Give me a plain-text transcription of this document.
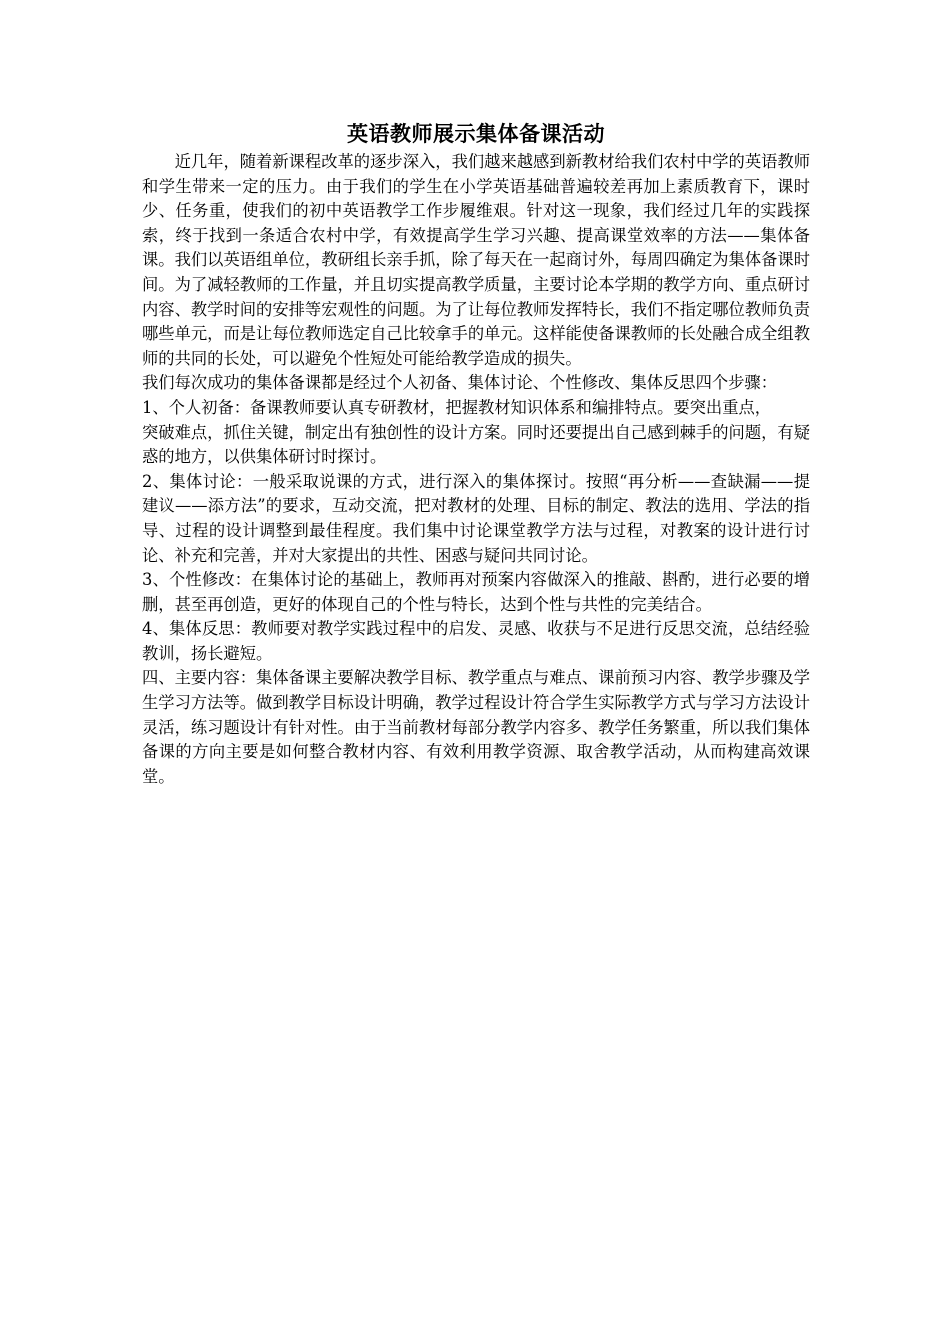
英语教师展示集体备课活动

近几年，随着新课程改革的逐步深入，我们越来越感到新教材给我们农村中学的英语教师和学生带来一定的压力。由于我们的学生在小学英语基础普遍较差再加上素质教育下，课时少、任务重，使我们的初中英语教学工作步履维艰。针对这一现象，我们经过几年的实践探索，终于找到一条适合农村中学，有效提高学生学习兴趣、提高课堂效率的方法——集体备课。我们以英语组单位，教研组长亲手抓，除了每天在一起商讨外，每周四确定为集体备课时间。为了减轻教师的工作量，并且切实提高教学质量，主要讨论本学期的教学方向、重点研讨内容、教学时间的安排等宏观性的问题。为了让每位教师发挥特长，我们不指定哪位教师负责哪些单元，而是让每位教师选定自己比较拿手的单元。这样能使备课教师的长处融合成全组教师的共同的长处，可以避免个性短处可能给教学造成的损失。

我们每次成功的集体备课都是经过个人初备、集体讨论、个性修改、集体反思四个步骤：

1、个人初备：备课教师要认真专研教材，把握教材知识体系和编排特点。要突出重点，

突破难点，抓住关键，制定出有独创性的设计方案。同时还要提出自己感到棘手的问题，有疑惑的地方，以供集体研讨时探讨。

2、集体讨论：一般采取说课的方式，进行深入的集体探讨。按照“再分析——查缺漏——提建议——添方法”的要求，互动交流，把对教材的处理、目标的制定、教法的选用、学法的指导、过程的设计调整到最佳程度。我们集中讨论课堂教学方法与过程，对教案的设计进行讨论、补充和完善，并对大家提出的共性、困惑与疑问共同讨论。

3、个性修改：在集体讨论的基础上，教师再对预案内容做深入的推敲、斟酌，进行必要的增删，甚至再创造，更好的体现自己的个性与特长，达到个性与共性的完美结合。

4、集体反思：教师要对教学实践过程中的启发、灵感、收获与不足进行反思交流，总结经验教训，扬长避短。

四、主要内容：集体备课主要解决教学目标、教学重点与难点、课前预习内容、教学步骤及学生学习方法等。做到教学目标设计明确，教学过程设计符合学生实际教学方式与学习方法设计灵活，练习题设计有针对性。由于当前教材每部分教学内容多、教学任务繁重，所以我们集体备课的方向主要是如何整合教材内容、有效利用教学资源、取舍教学活动，从而构建高效课堂。
